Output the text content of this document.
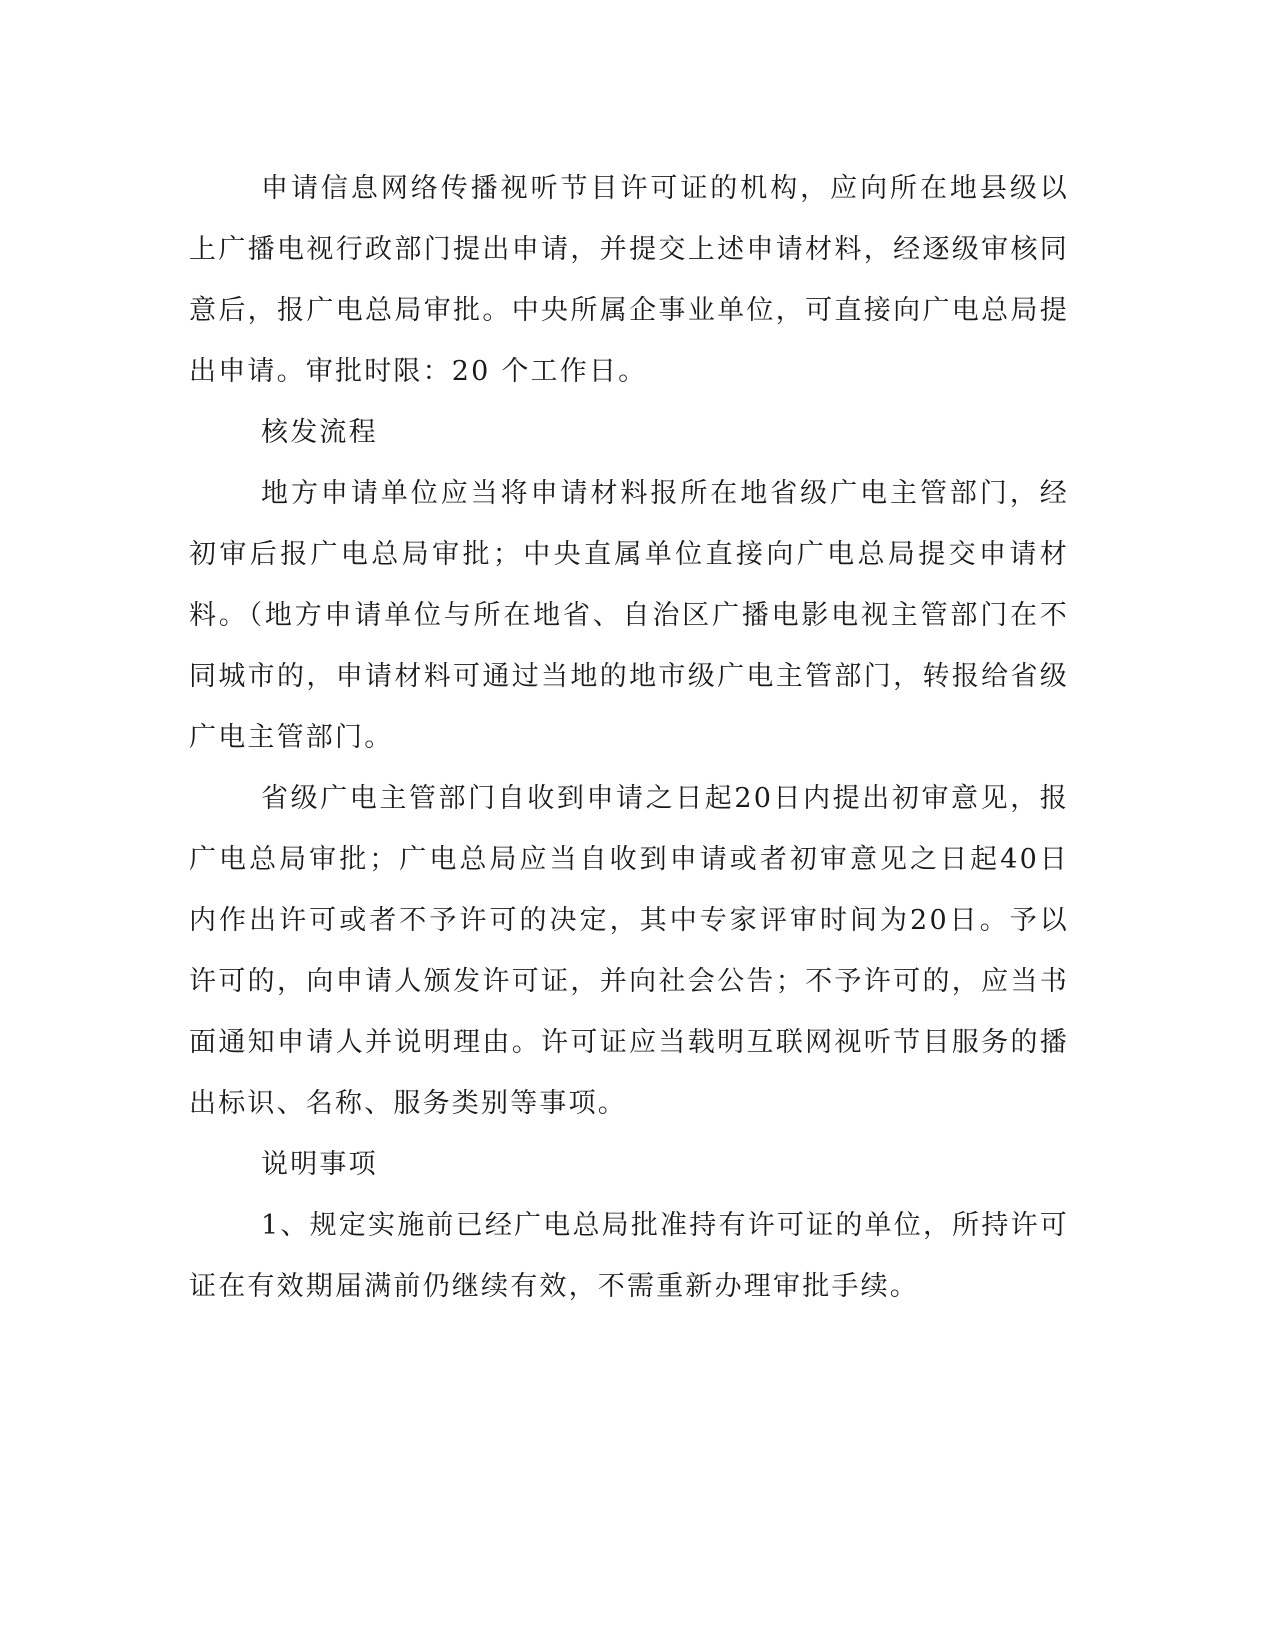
申请信息网络传播视听节目许可证的机构，应向所在地县级以上广播电视行政部门提出申请，并提交上述申请材料，经逐级审核同意后，报广电总局审批。中央所属企事业单位，可直接向广电总局提出申请。审批时限：20 个工作日。

核发流程

地方申请单位应当将申请材料报所在地省级广电主管部门，经初审后报广电总局审批；中央直属单位直接向广电总局提交申请材料。（地方申请单位与所在地省、自治区广播电影电视主管部门在不同城市的，申请材料可通过当地的地市级广电主管部门，转报给省级广电主管部门。

省级广电主管部门自收到申请之日起20日内提出初审意见，报广电总局审批；广电总局应当自收到申请或者初审意见之日起40日内作出许可或者不予许可的决定，其中专家评审时间为20日。予以许可的，向申请人颁发许可证，并向社会公告；不予许可的，应当书面通知申请人并说明理由。许可证应当载明互联网视听节目服务的播出标识、名称、服务类别等事项。

说明事项

1、规定实施前已经广电总局批准持有许可证的单位，所持许可证在有效期届满前仍继续有效，不需重新办理审批手续。
